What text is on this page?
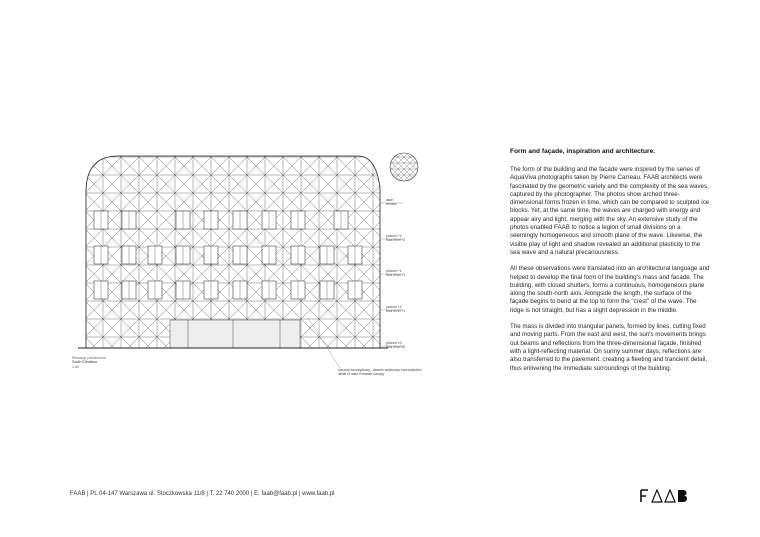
dach
terrace
poziom +2
floor level +2
poziom +1
floor level +1
poziom +1
floor level +1
poziom ±0
floor level ±0
rysunek szczegółowy - daszek wejściowy nad wejściem
detail of main entrance canopy
Elewacja południowa
South Elevation
1:00
Form and façade, inspiration and architecture.

The form of the building and the facade were inspired by the series of AquaViva photographs taken by Pierre Carreau. FAAB architects were fascinated by the geometric variety and the complexity of the sea waves, captured by the photographer. The photos show arched three-dimensional forms frozen in time, which can be compared to sculpted ice blocks. Yet, at the same time, the waves are charged with energy and appear airy and light, merging with the sky. An extensive study of the photos enabled FAAB to notice a legion of small divisions on a seemingly homogeneous and smooth plane of the wave. Likewise, the visible play of light and shadow revealed an additional plasticity to the sea wave and a natural precariousness.

All these observations were translated into an architectural language and helped to develop the final form of the building's mass and facade. The building, with closed shutters, forms a continuous, homogeneous plane along the south-north axis. Alongside the length, the surface of the façade begins to bend at the top to form the "crest" of the wave. The ridge is not straight, but has a slight depression in the middle.

The mass is divided into triangular panels, formed by lines, cutting fixed and moving parts. From the east and west, the sun's movements brings out beams and reflections from the three-dimensional façade, finished with a light-reflecting material. On sunny summer days, reflections are also transferred to the pavement, creating a fleeting and trancient detail, thus enlivening the immediate surroundings of the building.

FAAB | PL 04-147 Warszawa ul. Stoczkowska 11/8 | T. 22 740 2000 | E. faab@faab.pl | www.faab.pl
